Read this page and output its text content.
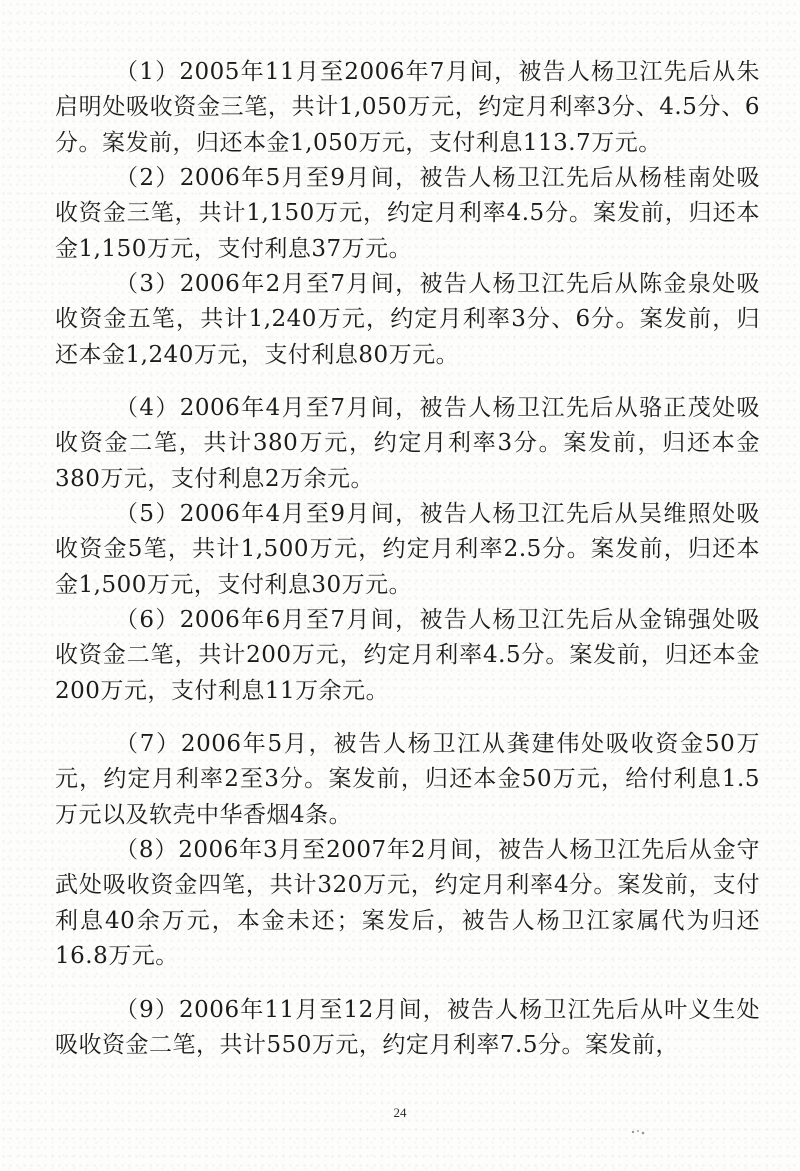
（1）2005年11月至2006年7月间，被告人杨卫江先后从朱启明处吸收资金三笔，共计1,050万元，约定月利率3分、4.5分、6分。案发前，归还本金1,050万元，支付利息113.7万元。

（2）2006年5月至9月间，被告人杨卫江先后从杨桂南处吸收资金三笔，共计1,150万元，约定月利率4.5分。案发前，归还本金1,150万元，支付利息37万元。

（3）2006年2月至7月间，被告人杨卫江先后从陈金泉处吸收资金五笔，共计1,240万元，约定月利率3分、6分。案发前，归还本金1,240万元，支付利息80万元。

（4）2006年4月至7月间，被告人杨卫江先后从骆正茂处吸收资金二笔，共计380万元，约定月利率3分。案发前，归还本金380万元，支付利息2万余元。

（5）2006年4月至9月间，被告人杨卫江先后从吴维照处吸收资金5笔，共计1,500万元，约定月利率2.5分。案发前，归还本金1,500万元，支付利息30万元。

（6）2006年6月至7月间，被告人杨卫江先后从金锦强处吸收资金二笔，共计200万元，约定月利率4.5分。案发前，归还本金200万元，支付利息11万余元。

（7）2006年5月，被告人杨卫江从龚建伟处吸收资金50万元，约定月利率2至3分。案发前，归还本金50万元，给付利息1.5万元以及软壳中华香烟4条。

（8）2006年3月至2007年2月间，被告人杨卫江先后从金守武处吸收资金四笔，共计320万元，约定月利率4分。案发前，支付利息40余万元，本金未还；案发后，被告人杨卫江家属代为归还16.8万元。

（9）2006年11月至12月间，被告人杨卫江先后从叶义生处吸收资金二笔，共计550万元，约定月利率7.5分。案发前，

24
